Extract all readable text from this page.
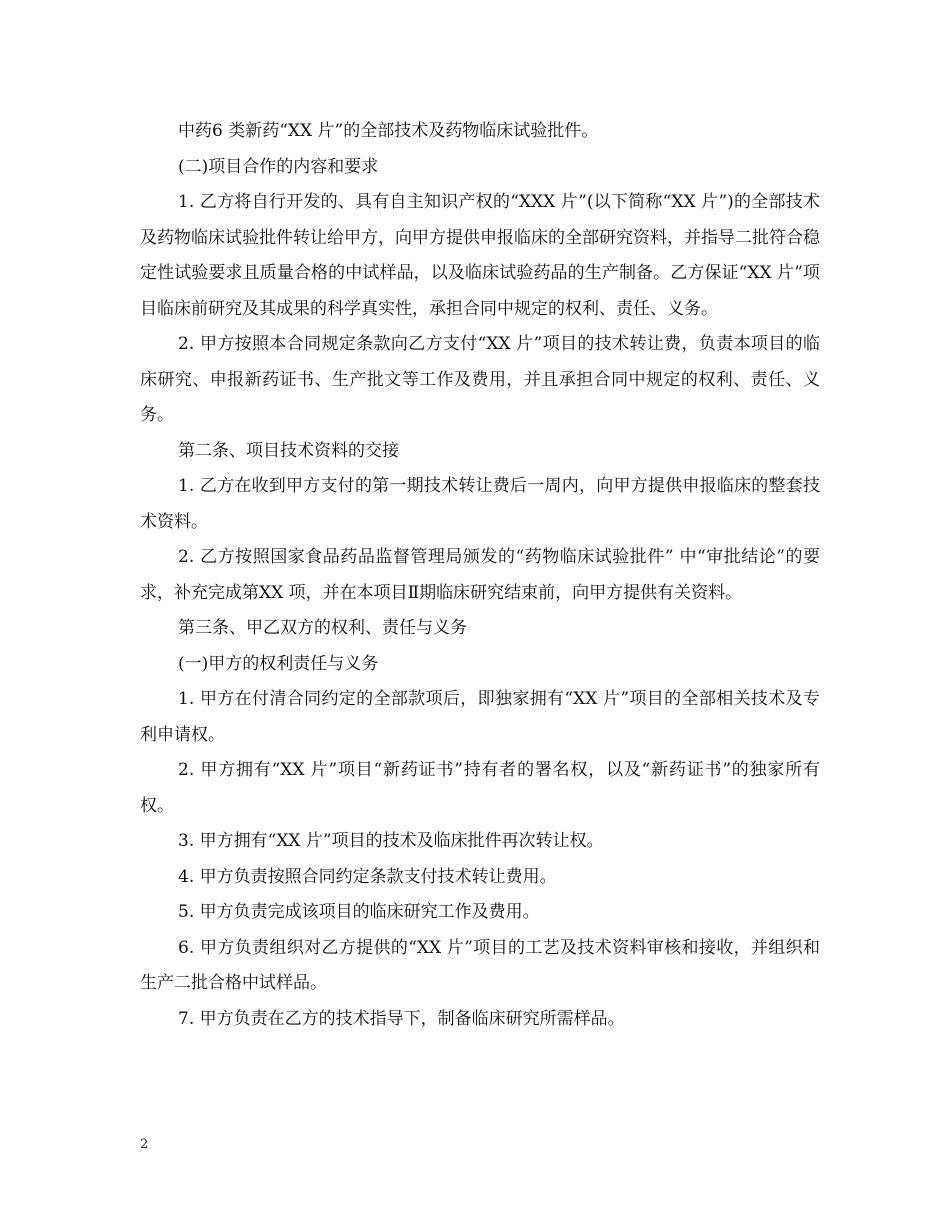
中药6 类新药“XX 片”的全部技术及药物临床试验批件。

(二)项目合作的内容和要求

1. 乙方将自行开发的、具有自主知识产权的“XXX 片”(以下简称“XX 片”)的全部技术及药物临床试验批件转让给甲方，向甲方提供申报临床的全部研究资料，并指导二批符合稳定性试验要求且质量合格的中试样品，以及临床试验药品的生产制备。乙方保证“XX 片”项目临床前研究及其成果的科学真实性，承担合同中规定的权利、责任、义务。

2. 甲方按照本合同规定条款向乙方支付“XX 片”项目的技术转让费，负责本项目的临床研究、申报新药证书、生产批文等工作及费用，并且承担合同中规定的权利、责任、义务。

第二条、项目技术资料的交接

1. 乙方在收到甲方支付的第一期技术转让费后一周内，向甲方提供申报临床的整套技术资料。

2. 乙方按照国家食品药品监督管理局颁发的“药物临床试验批件” 中“审批结论”的要求，补充完成第XX 项，并在本项目Ⅱ期临床研究结束前，向甲方提供有关资料。

第三条、甲乙双方的权利、责任与义务

(一)甲方的权利责任与义务

1. 甲方在付清合同约定的全部款项后，即独家拥有“XX 片”项目的全部相关技术及专利申请权。

2. 甲方拥有“XX 片”项目“新药证书”持有者的署名权，以及“新药证书”的独家所有权。

3. 甲方拥有“XX 片”项目的技术及临床批件再次转让权。

4. 甲方负责按照合同约定条款支付技术转让费用。

5. 甲方负责完成该项目的临床研究工作及费用。

6. 甲方负责组织对乙方提供的“XX 片”项目的工艺及技术资料审核和接收，并组织和生产二批合格中试样品。

7. 甲方负责在乙方的技术指导下，制备临床研究所需样品。

2
